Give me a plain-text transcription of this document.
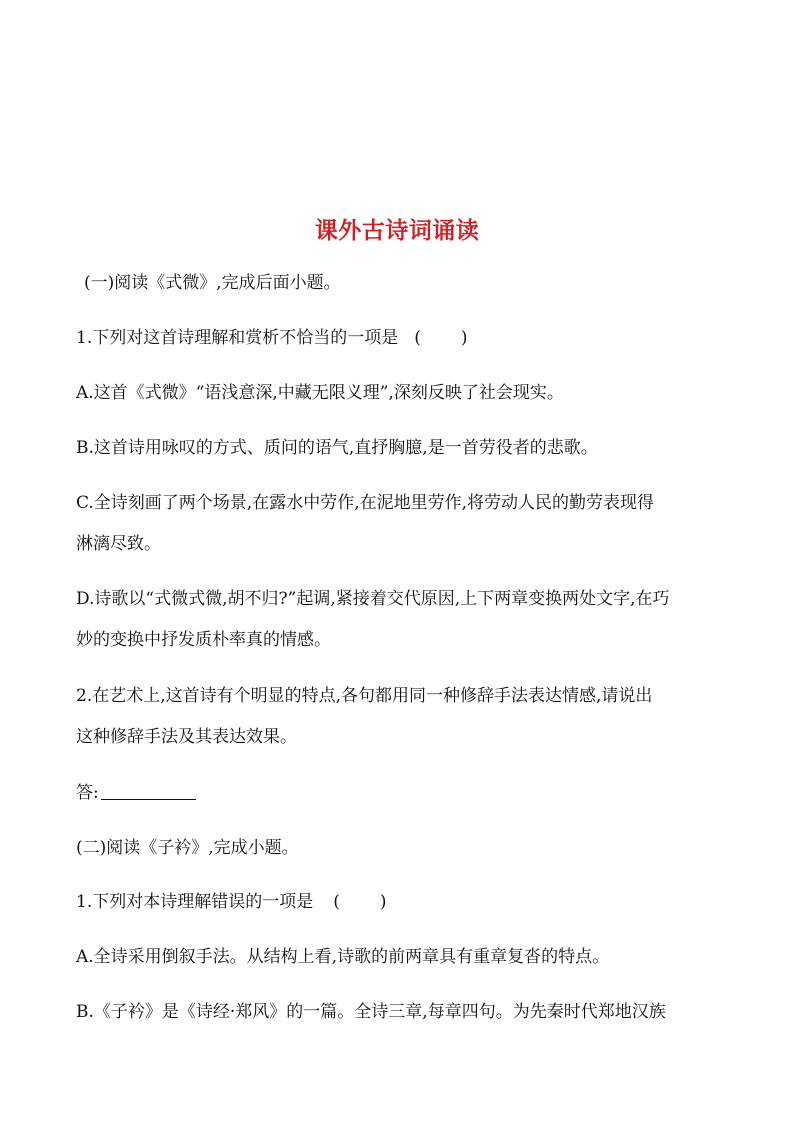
课外古诗词诵读
(一)阅读《式微》,完成后面小题。
1.下列对这首诗理解和赏析不恰当的一项是 ( )
A.这首《式微》“语浅意深,中藏无限义理”,深刻反映了社会现实。
B.这首诗用咏叹的方式、质问的语气,直抒胸臆,是一首劳役者的悲歌。
C.全诗刻画了两个场景,在露水中劳作,在泥地里劳作,将劳动人民的勤劳表现得
淋漓尽致。
D.诗歌以“式微式微,胡不归?”起调,紧接着交代原因,上下两章变换两处文字,在巧
妙的变换中抒发质朴率真的情感。
2.在艺术上,这首诗有个明显的特点,各句都用同一种修辞手法表达情感,请说出
这种修辞手法及其表达效果。
答:
(二)阅读《子衿》,完成小题。
1.下列对本诗理解错误的一项是 ( )
A.全诗采用倒叙手法。从结构上看,诗歌的前两章具有重章复沓的特点。
B.《子衿》是《诗经·郑风》的一篇。全诗三章,每章四句。为先秦时代郑地汉族
